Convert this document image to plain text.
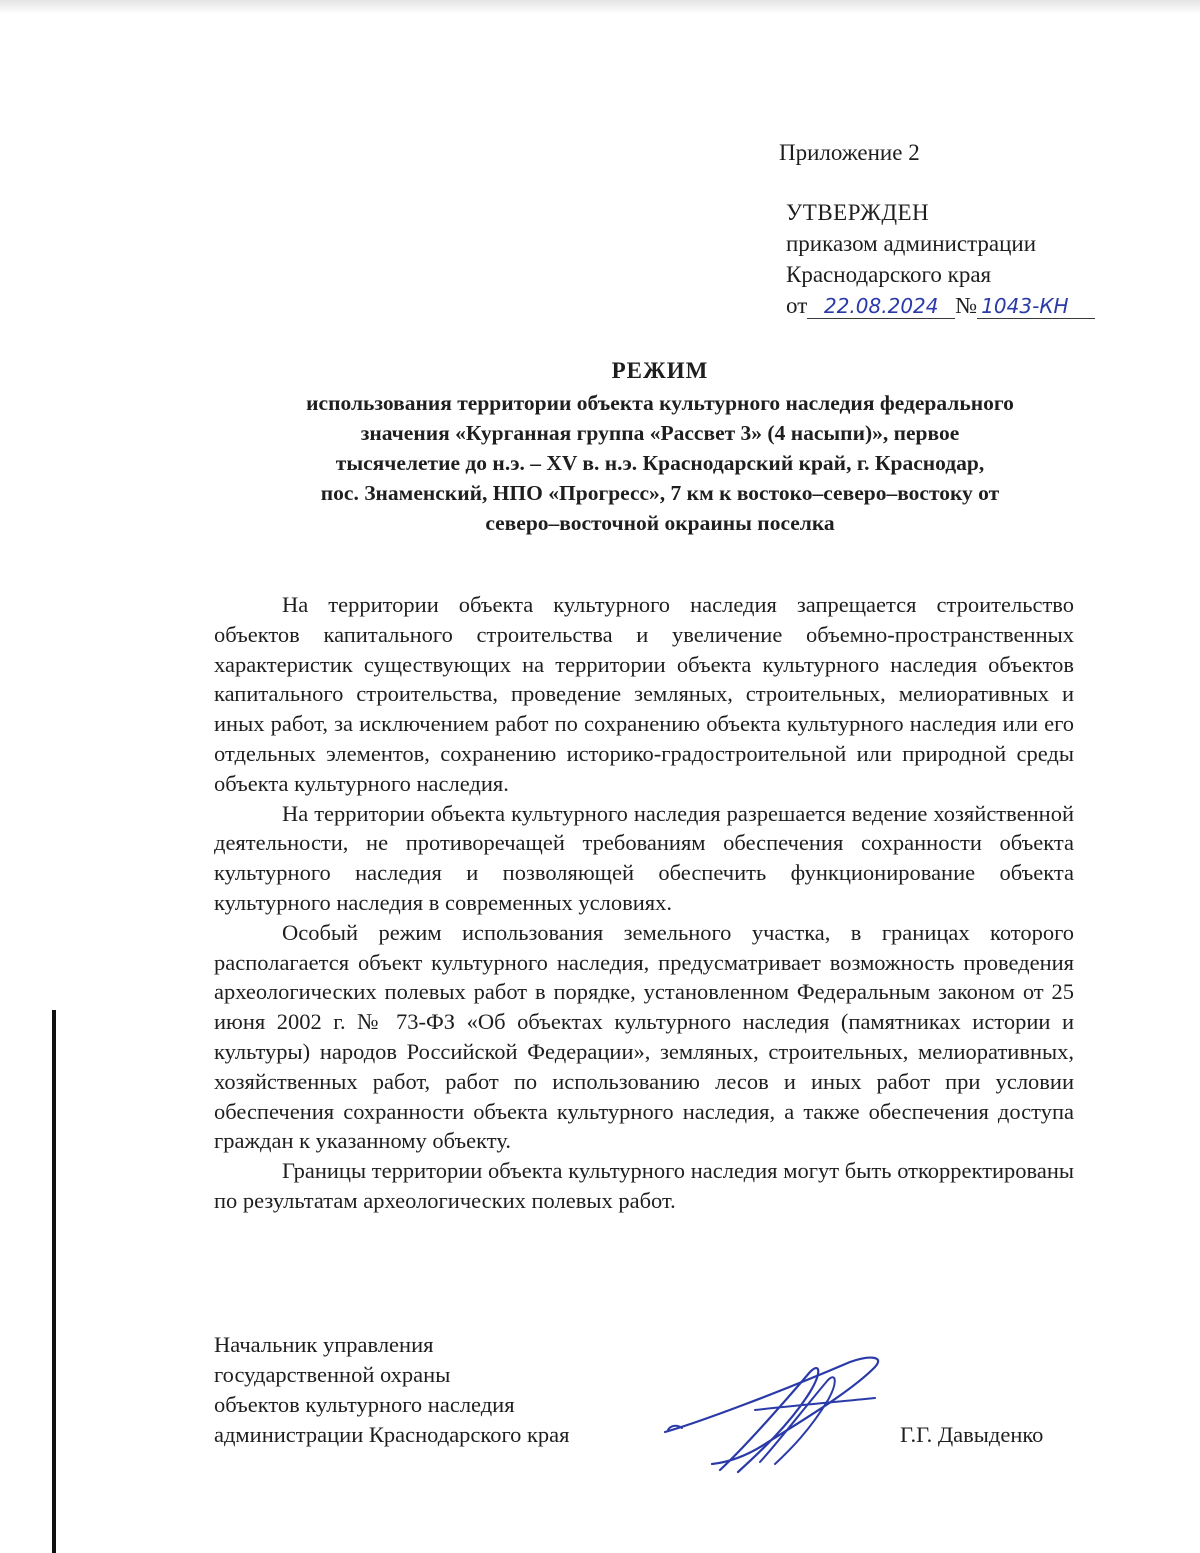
Приложение 2
УТВЕРЖДЕН
приказом администрации
Краснодарского края
от 22.08.2024 № 1043-КН
РЕЖИМ
использования территории объекта культурного наследия федерального
значения «Курганная группа «Рассвет 3» (4 насыпи)», первое
тысячелетие до н.э. – XV в. н.э. Краснодарский край, г. Краснодар,
пос. Знаменский, НПО «Прогресс», 7 км к востоко–северо–востоку от
северо–восточной окраины поселка

На территории объекта культурного наследия запрещается строительство объектов капитального строительства и увеличение объемно-пространственных характеристик существующих на территории объекта культурного наследия объектов капитального строительства, проведение земляных, строительных, мелиоративных и иных работ, за исключением работ по сохранению объекта культурного наследия или его отдельных элементов, сохранению историко-градостроительной или природной среды объекта культурного наследия.

На территории объекта культурного наследия разрешается ведение хозяйственной деятельности, не противоречащей требованиям обеспечения сохранности объекта культурного наследия и позволяющей обеспечить функционирование объекта культурного наследия в современных условиях.

Особый режим использования земельного участка, в границах которого располагается объект культурного наследия, предусматривает возможность проведения археологических полевых работ в порядке, установленном Федеральным законом от 25 июня 2002 г. № 73-ФЗ «Об объектах культурного наследия (памятниках истории и культуры) народов Российской Федерации», земляных, строительных, мелиоративных, хозяйственных работ, работ по использованию лесов и иных работ при условии обеспечения сохранности объекта культурного наследия, а также обеспечения доступа граждан к указанному объекту.

Границы территории объекта культурного наследия могут быть откорректированы по результатам археологических полевых работ.

Начальник управления
государственной охраны
объектов культурного наследия
администрации Краснодарского края	Г.Г. Давыденко
